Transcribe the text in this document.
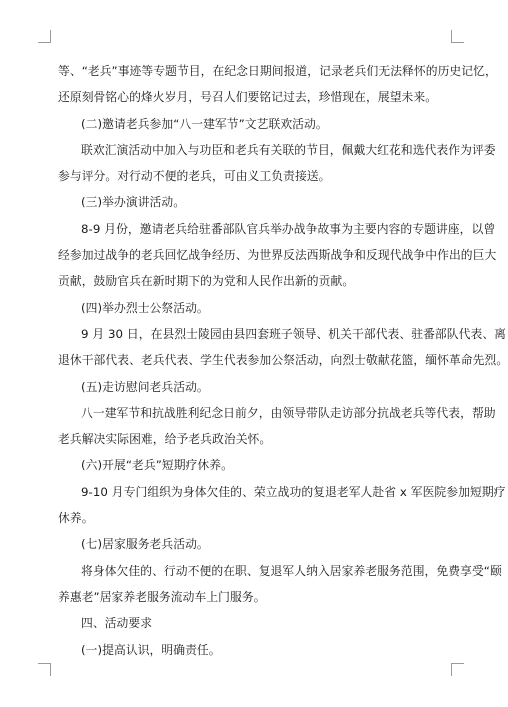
等、“老兵”事迹等专题节目，在纪念日期间报道，记录老兵们无法释怀的历史记忆，
还原刻骨铭心的烽火岁月，号召人们要铭记过去，珍惜现在，展望未来。
(二)邀请老兵参加“八一建军节”文艺联欢活动。
联欢汇演活动中加入与功臣和老兵有关联的节目，佩戴大红花和选代表作为评委
参与评分。对行动不便的老兵，可由义工负责接送。
(三)举办演讲活动。
8-9 月份，邀请老兵给驻番部队官兵举办战争故事为主要内容的专题讲座，以曾
经参加过战争的老兵回忆战争经历、为世界反法西斯战争和反现代战争中作出的巨大
贡献，鼓励官兵在新时期下的为党和人民作出新的贡献。
(四)举办烈士公祭活动。
9 月 30 日，在县烈士陵园由县四套班子领导、机关干部代表、驻番部队代表、离
退休干部代表、老兵代表、学生代表参加公祭活动，向烈士敬献花篮，缅怀革命先烈。
(五)走访慰问老兵活动。
八一建军节和抗战胜利纪念日前夕，由领导带队走访部分抗战老兵等代表，帮助
老兵解决实际困难，给予老兵政治关怀。
(六)开展“老兵”短期疗休养。
9-10 月专门组织为身体欠佳的、荣立战功的复退老军人赴省 x 军医院参加短期疗
休养。
(七)居家服务老兵活动。
将身体欠佳的、行动不便的在职、复退军人纳入居家养老服务范围，免费享受“颐
养惠老”居家养老服务流动车上门服务。
四、活动要求
(一)提高认识，明确责任。
